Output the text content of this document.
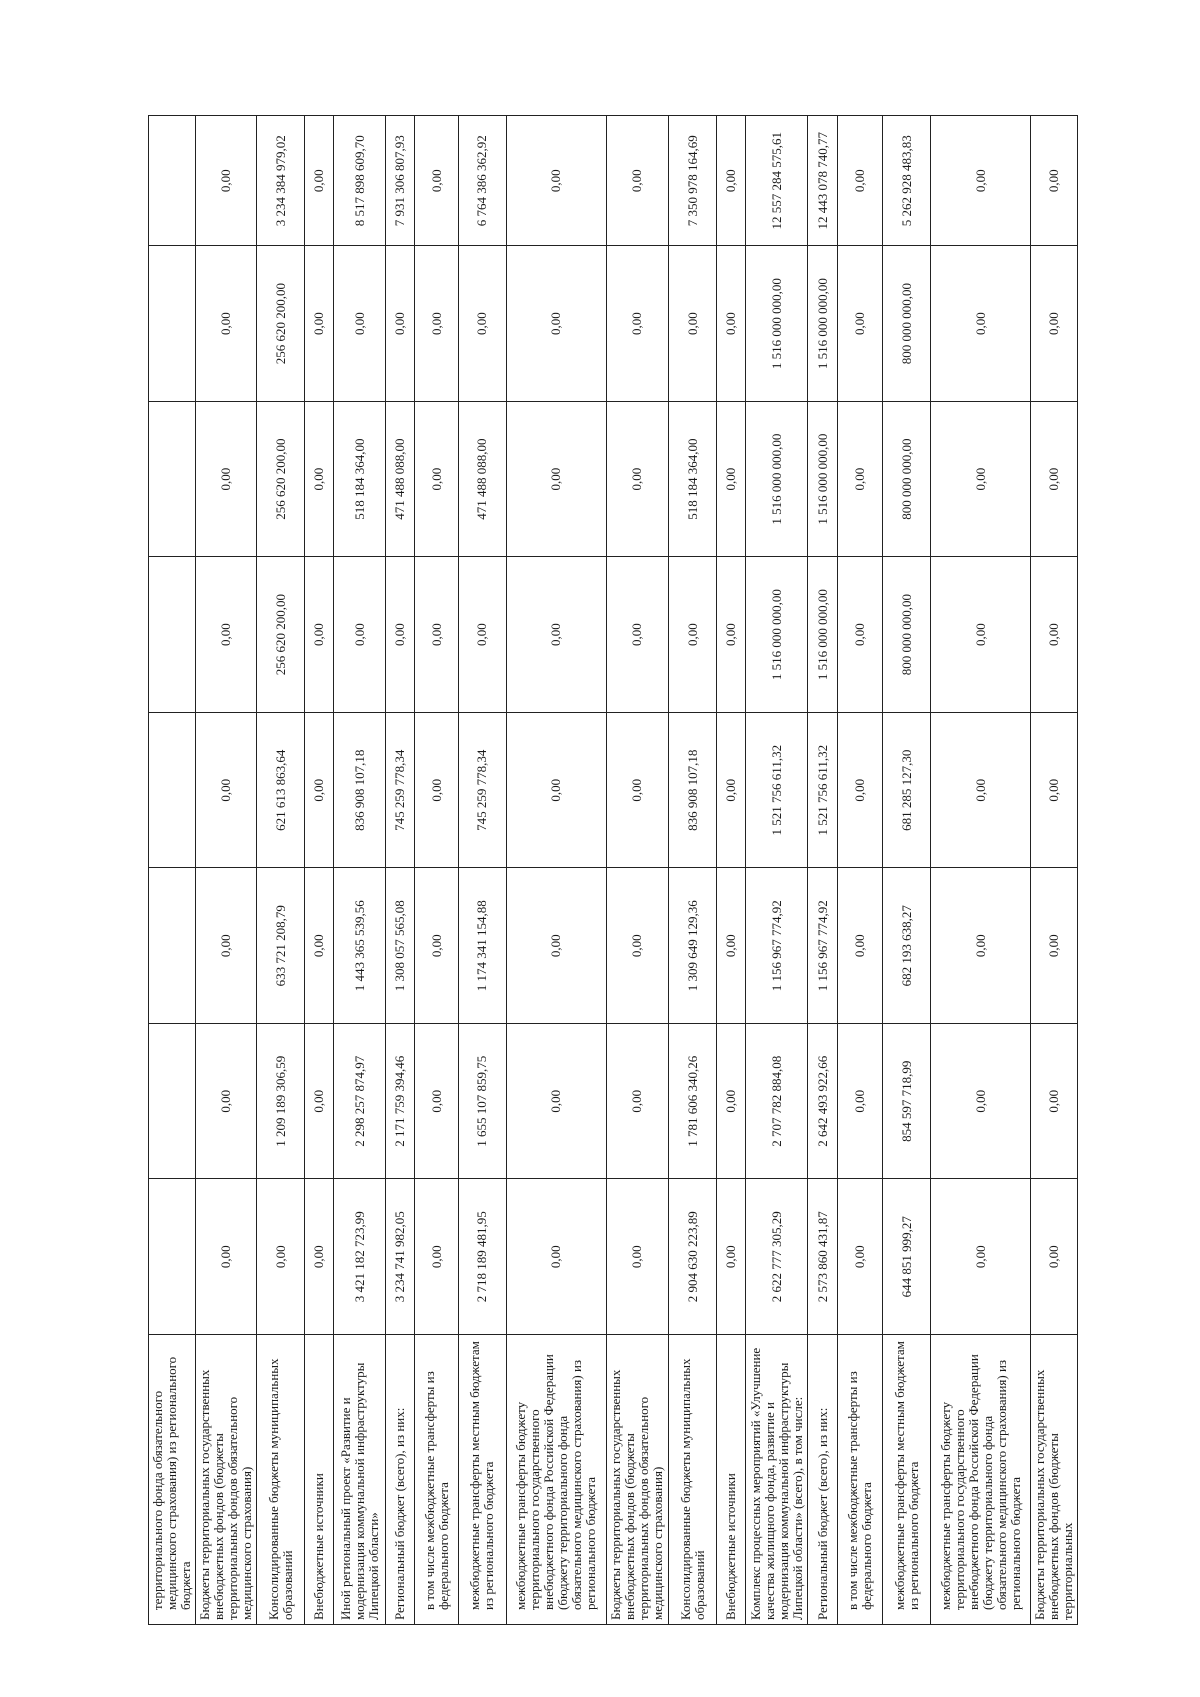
территориального фонда обязательного медицинского страхования) из регионального бюджета								
Бюджеты территориальных государственных внебюджетных фондов (бюджеты территориальных фондов обязательного медицинского страхования)	0,00	0,00	0,00	0,00	0,00	0,00	0,00	0,00
Консолидированные бюджеты муниципальных образований	0,00	1 209 189 306,59	633 721 208,79	621 613 863,64	256 620 200,00	256 620 200,00	256 620 200,00	3 234 384 979,02
Внебюджетные источники	0,00	0,00	0,00	0,00	0,00	0,00	0,00	0,00
Иной региональный проект «Развитие и модернизация коммунальной инфраструктуры Липецкой области»	3 421 182 723,99	2 298 257 874,97	1 443 365 539,56	836 908 107,18	0,00	518 184 364,00	0,00	8 517 898 609,70
Региональный бюджет (всего), из них:	3 234 741 982,05	2 171 759 394,46	1 308 057 565,08	745 259 778,34	0,00	471 488 088,00	0,00	7 931 306 807,93
в том числе межбюджетные трансферты из федерального бюджета	0,00	0,00	0,00	0,00	0,00	0,00	0,00	0,00
межбюджетные трансферты местным бюджетам из регионального бюджета	2 718 189 481,95	1 655 107 859,75	1 174 341 154,88	745 259 778,34	0,00	471 488 088,00	0,00	6 764 386 362,92
межбюджетные трансферты бюджету территориального государственного внебюджетного фонда Российской Федерации (бюджету территориального фонда обязательного медицинского страхования) из регионального бюджета	0,00	0,00	0,00	0,00	0,00	0,00	0,00	0,00
Бюджеты территориальных государственных внебюджетных фондов (бюджеты территориальных фондов обязательного медицинского страхования)	0,00	0,00	0,00	0,00	0,00	0,00	0,00	0,00
Консолидированные бюджеты муниципальных образований	2 904 630 223,89	1 781 606 340,26	1 309 649 129,36	836 908 107,18	0,00	518 184 364,00	0,00	7 350 978 164,69
Внебюджетные источники	0,00	0,00	0,00	0,00	0,00	0,00	0,00	0,00
Комплекс процессных мероприятий «Улучшение качества жилищного фонда, развитие и модернизация коммунальной инфраструктуры Липецкой области» (всего), в том числе:	2 622 777 305,29	2 707 782 884,08	1 156 967 774,92	1 521 756 611,32	1 516 000 000,00	1 516 000 000,00	1 516 000 000,00	12 557 284 575,61
Региональный бюджет (всего), из них:	2 573 860 431,87	2 642 493 922,66	1 156 967 774,92	1 521 756 611,32	1 516 000 000,00	1 516 000 000,00	1 516 000 000,00	12 443 078 740,77
в том числе межбюджетные трансферты из федерального бюджета	0,00	0,00	0,00	0,00	0,00	0,00	0,00	0,00
межбюджетные трансферты местным бюджетам из регионального бюджета	644 851 999,27	854 597 718,99	682 193 638,27	681 285 127,30	800 000 000,00	800 000 000,00	800 000 000,00	5 262 928 483,83
межбюджетные трансферты бюджету территориального государственного внебюджетного фонда Российской Федерации (бюджету территориального фонда обязательного медицинского страхования) из регионального бюджета	0,00	0,00	0,00	0,00	0,00	0,00	0,00	0,00
Бюджеты территориальных государственных внебюджетных фондов (бюджеты территориальных	0,00	0,00	0,00	0,00	0,00	0,00	0,00	0,00
